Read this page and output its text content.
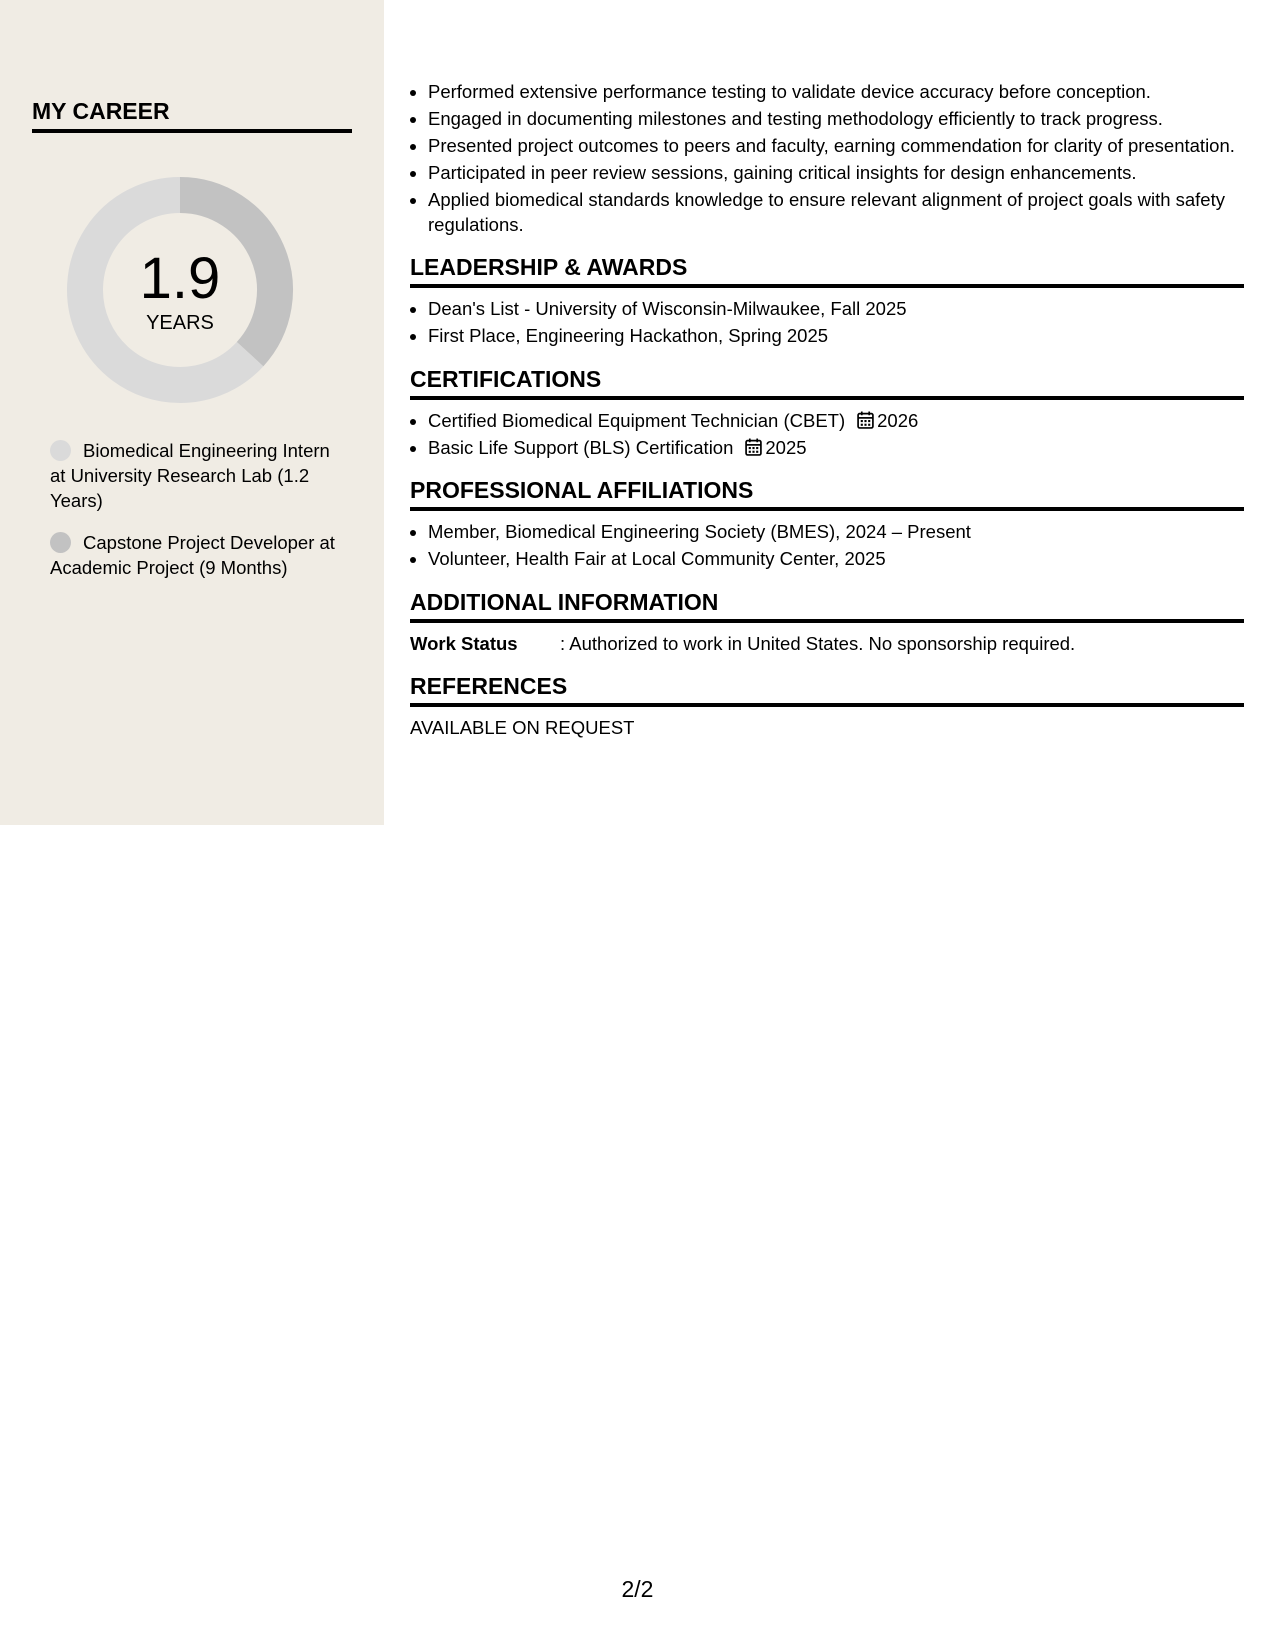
MY CAREER
1.9
YEARS
Biomedical Engineering Intern at University Research Lab (1.2 Years)
Capstone Project Developer at Academic Project (9 Months)
• Performed extensive performance testing to validate device accuracy before conception.
• Engaged in documenting milestones and testing methodology efficiently to track progress.
• Presented project outcomes to peers and faculty, earning commendation for clarity of presentation.
• Participated in peer review sessions, gaining critical insights for design enhancements.
• Applied biomedical standards knowledge to ensure relevant alignment of project goals with safety regulations.
LEADERSHIP & AWARDS
• Dean's List - University of Wisconsin-Milwaukee, Fall 2025
• First Place, Engineering Hackathon, Spring 2025
CERTIFICATIONS
• Certified Biomedical Equipment Technician (CBET) 2026
• Basic Life Support (BLS) Certification 2025
PROFESSIONAL AFFILIATIONS
• Member, Biomedical Engineering Society (BMES), 2024 – Present
• Volunteer, Health Fair at Local Community Center, 2025
ADDITIONAL INFORMATION
Work Status	: Authorized to work in United States. No sponsorship required.
REFERENCES
AVAILABLE ON REQUEST
2/2
